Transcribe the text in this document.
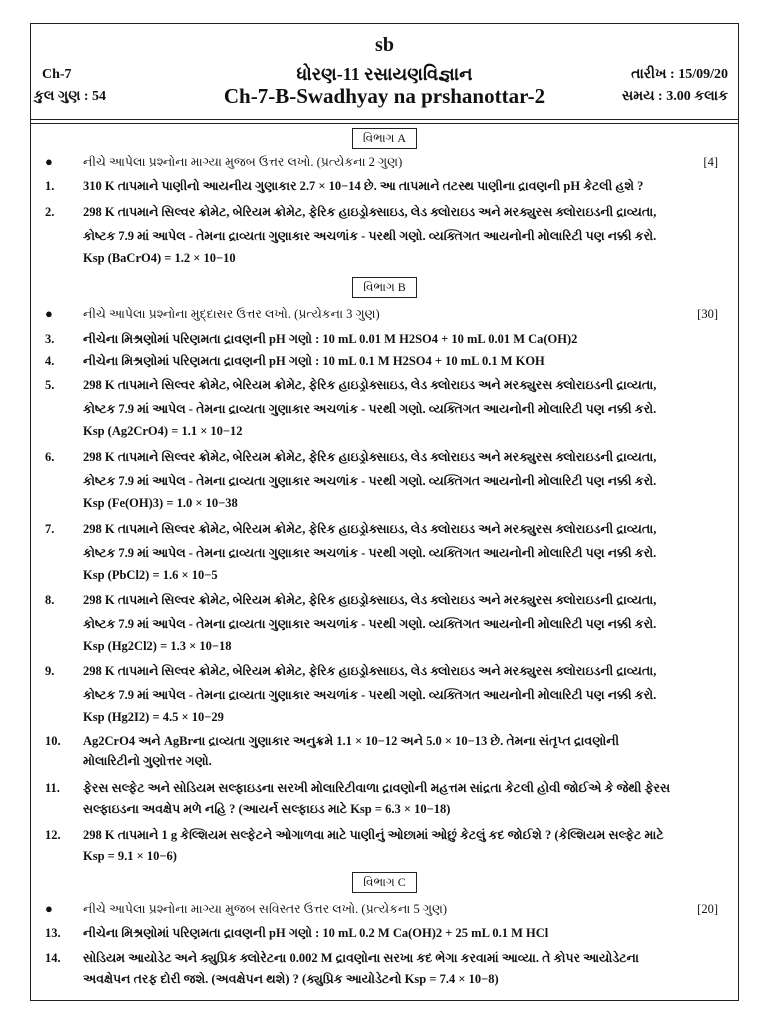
sb
ધોરણ-11 રસાયણવિજ્ઞાન
Ch-7-B-Swadhyay na prshanottar-2
Ch-7
કુલ ગુણ : 54
તારીખ : 15/09/20
સમય : 3.00 કલાક
વિભાગ A
● નીચે આપેલા પ્રશ્નોના માગ્યા મુજબ ઉત્તર લખો. (પ્રત્યેકના 2 ગુણ)	[4]
1.	310 K તાપમાને પાણીનો આયનીય ગુણાકાર 2.7 × 10−14 છે. આ તાપમાને તટસ્થ પાણીના દ્રાવણની pH કેટલી હશે ?
2.	298 K તાપમાને સિલ્વર ક્રોમેટ, બેરિયમ ક્રોમેટ, ફેરિક હાઇડ્રોક્સાઇડ, લેડ ક્લોરાઇડ અને મરક્યુરસ ક્લોરાઇડની દ્રાવ્યતા,
કોષ્ટક 7.9 માં આપેલ - તેમના દ્રાવ્યતા ગુણાકાર અચળાંક - પરથી ગણો. વ્યક્તિગત આયનોની મોલારિટી પણ નક્કી કરો.
Ksp (BaCrO4) = 1.2 × 10−10
વિભાગ B
● નીચે આપેલા પ્રશ્નોના મુદ્દાસર ઉત્તર લખો. (પ્રત્યેકના 3 ગુણ)	[30]
3.	નીચેના મિશ્રણોમાં પરિણમતા દ્રાવણની pH ગણો : 10 mL 0.01 M H2SO4 + 10 mL 0.01 M Ca(OH)2
4.	નીચેના મિશ્રણોમાં પરિણમતા દ્રાવણની pH ગણો : 10 mL 0.1 M H2SO4 + 10 mL 0.1 M KOH
5.	298 K તાપમાને સિલ્વર ક્રોમેટ, બેરિયમ ક્રોમેટ, ફેરિક હાઇડ્રોક્સાઇડ, લેડ ક્લોરાઇડ અને મરક્યુરસ ક્લોરાઇડની દ્રાવ્યતા,
કોષ્ટક 7.9 માં આપેલ - તેમના દ્રાવ્યતા ગુણાકાર અચળાંક - પરથી ગણો. વ્યક્તિગત આયનોની મોલારિટી પણ નક્કી કરો.
Ksp (Ag2CrO4) = 1.1 × 10−12
6.	298 K તાપમાને સિલ્વર ક્રોમેટ, બેરિયમ ક્રોમેટ, ફેરિક હાઇડ્રોક્સાઇડ, લેડ ક્લોરાઇડ અને મરક્યુરસ ક્લોરાઇડની દ્રાવ્યતા,
કોષ્ટક 7.9 માં આપેલ - તેમના દ્રાવ્યતા ગુણાકાર અચળાંક - પરથી ગણો. વ્યક્તિગત આયનોની મોલારિટી પણ નક્કી કરો.
Ksp (Fe(OH)3) = 1.0 × 10−38
7.	298 K તાપમાને સિલ્વર ક્રોમેટ, બેરિયમ ક્રોમેટ, ફેરિક હાઇડ્રોક્સાઇડ, લેડ ક્લોરાઇડ અને મરક્યુરસ ક્લોરાઇડની દ્રાવ્યતા,
કોષ્ટક 7.9 માં આપેલ - તેમના દ્રાવ્યતા ગુણાકાર અચળાંક - પરથી ગણો. વ્યક્તિગત આયનોની મોલારિટી પણ નક્કી કરો.
Ksp (PbCl2) = 1.6 × 10−5
8.	298 K તાપમાને સિલ્વર ક્રોમેટ, બેરિયમ ક્રોમેટ, ફેરિક હાઇડ્રોક્સાઇડ, લેડ ક્લોરાઇડ અને મરક્યુરસ ક્લોરાઇડની દ્રાવ્યતા,
કોષ્ટક 7.9 માં આપેલ - તેમના દ્રાવ્યતા ગુણાકાર અચળાંક - પરથી ગણો. વ્યક્તિગત આયનોની મોલારિટી પણ નક્કી કરો.
Ksp (Hg2Cl2) = 1.3 × 10−18
9.	298 K તાપમાને સિલ્વર ક્રોમેટ, બેરિયમ ક્રોમેટ, ફેરિક હાઇડ્રોક્સાઇડ, લેડ ક્લોરાઇડ અને મરક્યુરસ ક્લોરાઇડની દ્રાવ્યતા,
કોષ્ટક 7.9 માં આપેલ - તેમના દ્રાવ્યતા ગુણાકાર અચળાંક - પરથી ગણો. વ્યક્તિગત આયનોની મોલારિટી પણ નક્કી કરો.
Ksp (Hg2I2) = 4.5 × 10−29
10.	Ag2CrO4 અને AgBrના દ્રાવ્યતા ગુણાકાર અનુક્રમે 1.1 × 10−12 અને 5.0 × 10−13 છે. તેમના સંતૃપ્ત દ્રાવણોની
મોલારિટીનો ગુણોત્તર ગણો.
11.	ફેરસ સલ્ફેટ અને સોડિયમ સલ્ફાઇડના સરખી મોલારિટીવાળા દ્રાવણોની મહત્તમ સાંદ્રતા કેટલી હોવી જોઈએ કે જેથી ફેરસ
સલ્ફાઇડના અવક્ષેપ મળે નહિ ? (આયર્ન સલ્ફાઇડ માટે Ksp = 6.3 × 10−18)
12.	298 K તાપમાને 1 g કેલ્શિયમ સલ્ફેટને ઓગાળવા માટે પાણીનું ઓછામાં ઓછું કેટલું કદ જોઈશે ? (કેલ્શિયમ સલ્ફેટ માટે
Ksp = 9.1 × 10−6)
વિભાગ C
● નીચે આપેલા પ્રશ્નોના માગ્યા મુજબ સવિસ્તર ઉત્તર લખો. (પ્રત્યેકના 5 ગુણ)	[20]
13.	નીચેના મિશ્રણોમાં પરિણમતા દ્રાવણની pH ગણો : 10 mL 0.2 M Ca(OH)2 + 25 mL 0.1 M HCl
14.	સોડિયમ આયોડેટ અને ક્યુપ્રિક ક્લોરેટના 0.002 M દ્રાવણોના સરખા કદ ભેગા કરવામાં આવ્યા. તે કોપર આયોડેટના
અવક્ષેપન તરફ દોરી જશે. (અવક્ષેપન થશે) ? (ક્યુપ્રિક આયોડેટનો Ksp = 7.4 × 10−8)
